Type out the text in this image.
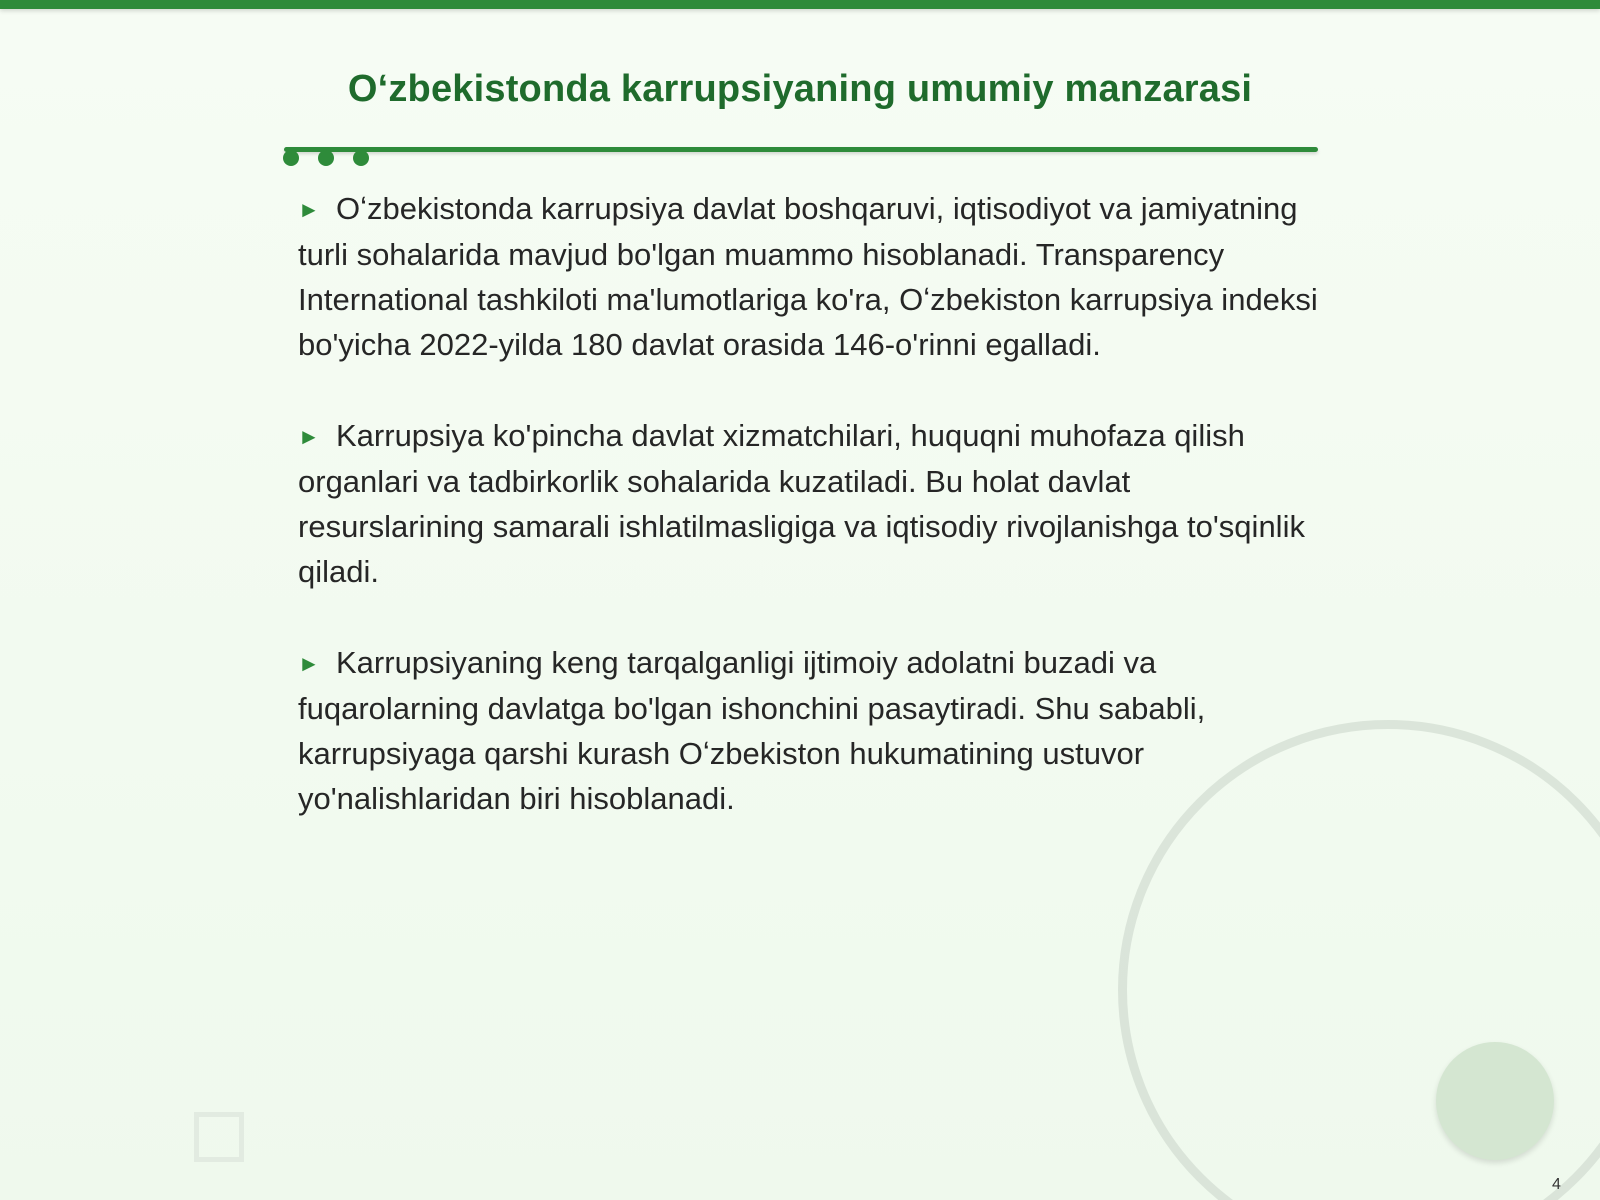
Oʻzbekistonda karrupsiyaning umumiy manzarasi

► Oʻzbekistonda karrupsiya davlat boshqaruvi, iqtisodiyot va jamiyatning turli sohalarida mavjud bo'lgan muammo hisoblanadi. Transparency International tashkiloti ma'lumotlariga ko'ra, Oʻzbekiston karrupsiya indeksi bo'yicha 2022-yilda 180 davlat orasida 146-o'rinni egalladi.

► Karrupsiya ko'pincha davlat xizmatchilari, huquqni muhofaza qilish organlari va tadbirkorlik sohalarida kuzatiladi. Bu holat davlat resurslarining samarali ishlatilmasligiga va iqtisodiy rivojlanishga to'sqinlik qiladi.

► Karrupsiyaning keng tarqalganligi ijtimoiy adolatni buzadi va fuqarolarning davlatga bo'lgan ishonchini pasaytiradi. Shu sababli, karrupsiyaga qarshi kurash Oʻzbekiston hukumatining ustuvor yo'nalishlaridan biri hisoblanadi.

4
